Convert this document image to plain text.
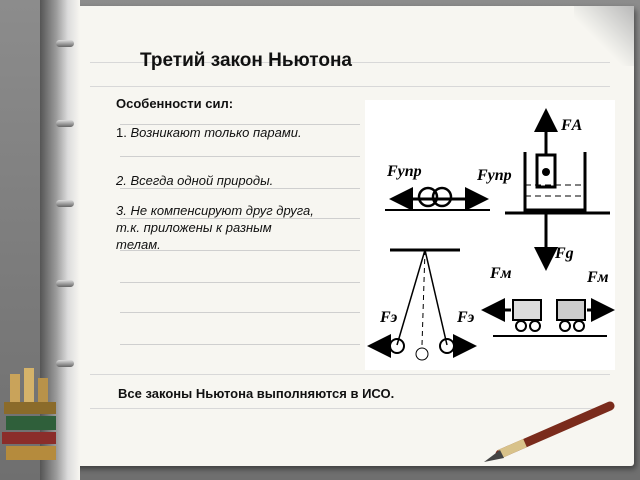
Третий закон Ньютона
Особенности сил:
1. Возникают только парами.
2. Всегда одной природы.
3. Не компенсируют друг друга, т.к. приложены к разным телам.
Fупр	Fупр
FА
Fg
Fэ	Fэ
Fм	Fм
Все законы Ньютона выполняются в ИСО.
